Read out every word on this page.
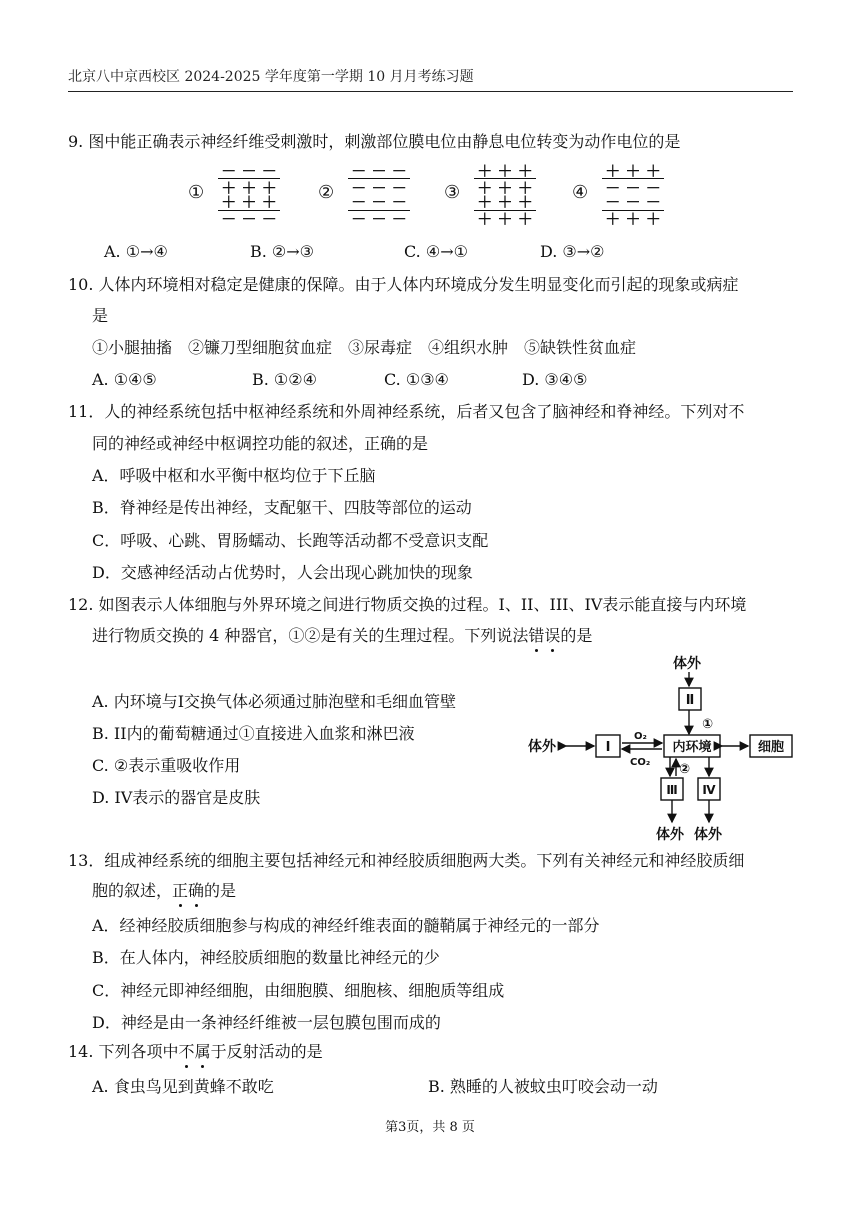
北京八中京西校区 2024-2025 学年度第一学期 10 月月考练习题
9. 图中能正确表示神经纤维受刺激时，刺激部位膜电位由静息电位转变为动作电位的是
①
－ － －
＋ ＋ ＋
＋ ＋ ＋
－ － －
②
－ － －
－ － －
－ － －
－ － －
③
＋ ＋ ＋
＋ ＋ ＋
＋ ＋ ＋
＋ ＋ ＋
④
＋ ＋ ＋
－ － －
－ － －
＋ ＋ ＋
A. ①→④	B. ②→③	C. ④→①	D. ③→②
10. 人体内环境相对稳定是健康的保障。由于人体内环境成分发生明显变化而引起的现象或病症
是
①小腿抽搐　②镰刀型细胞贫血症　③尿毒症　④组织水肿　⑤缺铁性贫血症
A. ①④⑤	B. ①②④	C. ①③④	D. ③④⑤
11．人的神经系统包括中枢神经系统和外周神经系统，后者又包含了脑神经和脊神经。下列对不
同的神经或神经中枢调控功能的叙述，正确的是
A．呼吸中枢和水平衡中枢均位于下丘脑
B．脊神经是传出神经，支配躯干、四肢等部位的运动
C．呼吸、心跳、胃肠蠕动、长跑等活动都不受意识支配
D．交感神经活动占优势时，人会出现心跳加快的现象
12. 如图表示人体细胞与外界环境之间进行物质交换的过程。I、II、III、IV表示能直接与内环境
进行物质交换的 4 种器官，①②是有关的生理过程。下列说法错误的是
A. 内环境与I交换气体必须通过肺泡壁和毛细血管壁
B. II内的葡萄糖通过①直接进入血浆和淋巴液
C. ②表示重吸收作用
D. IV表示的器官是皮肤
体外
Ⅱ
①
体外	Ⅰ
O₂
CO₂
内环境	细胞
②
Ⅲ Ⅳ
体外 体外
13．组成神经系统的细胞主要包括神经元和神经胶质细胞两大类。下列有关神经元和神经胶质细
胞的叙述，正确的是
A．经神经胶质细胞参与构成的神经纤维表面的髓鞘属于神经元的一部分
B．在人体内，神经胶质细胞的数量比神经元的少
C．神经元即神经细胞，由细胞膜、细胞核、细胞质等组成
D．神经是由一条神经纤维被一层包膜包围而成的
14. 下列各项中不属于反射活动的是
A. 食虫鸟见到黄蜂不敢吃	B. 熟睡的人被蚊虫叮咬会动一动
第3页，共 8 页
